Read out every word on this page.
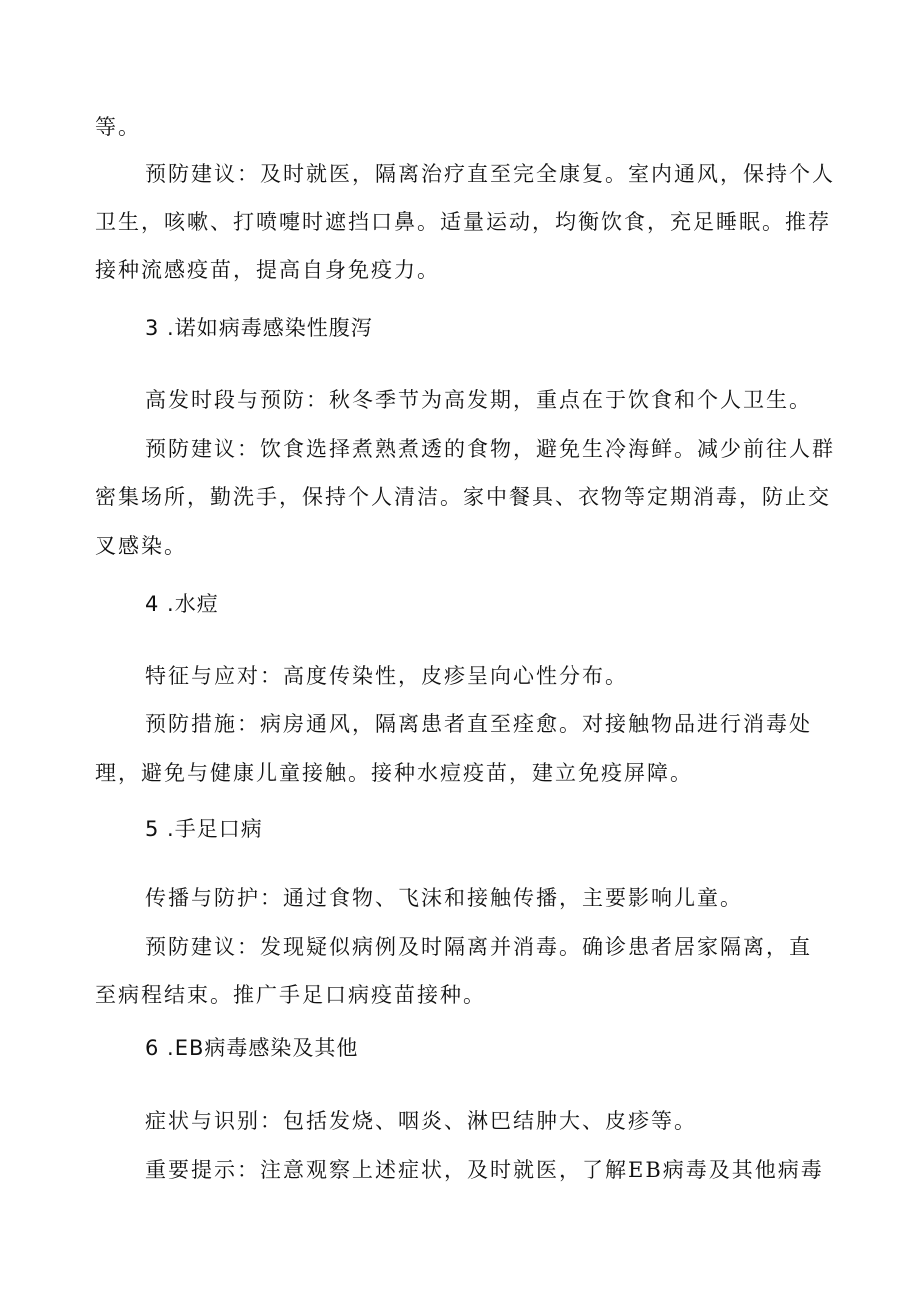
等。
预防建议：及时就医，隔离治疗直至完全康复。室内通风，保持个人
卫生，咳嗽、打喷嚏时遮挡口鼻。适量运动，均衡饮食，充足睡眠。推荐
接种流感疫苗，提高自身免疫力。
3 .诺如病毒感染性腹泻
高发时段与预防：秋冬季节为高发期，重点在于饮食和个人卫生。
预防建议：饮食选择煮熟煮透的食物，避免生冷海鲜。减少前往人群
密集场所，勤洗手，保持个人清洁。家中餐具、衣物等定期消毒，防止交
叉感染。
4 .水痘
特征与应对：高度传染性，皮疹呈向心性分布。
预防措施：病房通风，隔离患者直至痊愈。对接触物品进行消毒处
理，避免与健康儿童接触。接种水痘疫苗，建立免疫屏障。
5 .手足口病
传播与防护：通过食物、飞沫和接触传播，主要影响儿童。
预防建议：发现疑似病例及时隔离并消毒。确诊患者居家隔离，直
至病程结束。推广手足口病疫苗接种。
6 .EB病毒感染及其他
症状与识别：包括发烧、咽炎、淋巴结肿大、皮疹等。
重要提示：注意观察上述症状，及时就医，了解EB病毒及其他病毒
